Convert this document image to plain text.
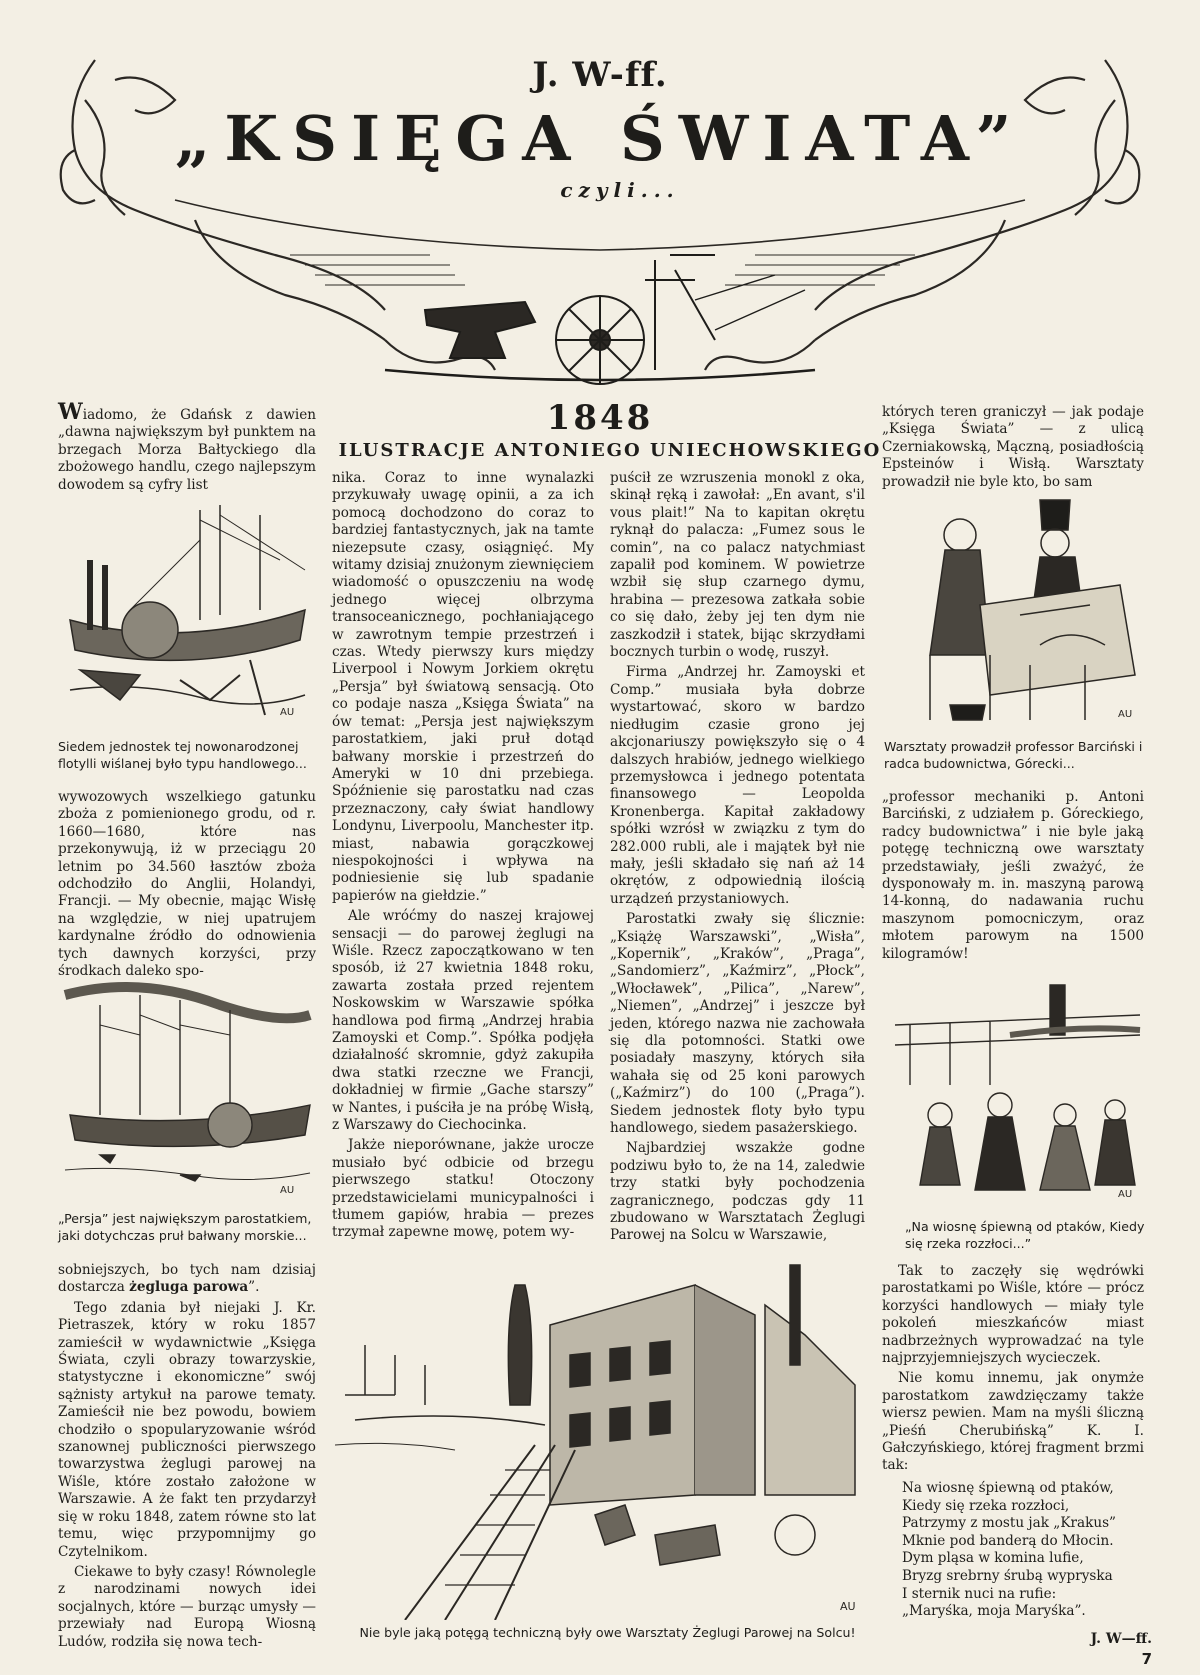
J. W-ff.
„KSIĘGA ŚWIATA”
czyli...
1848
ILUSTRACJE ANTONIEGO UNIECHOWSKIEGO

Wiadomo, że Gdańsk z dawien „dawna największym był punktem na brzegach Morza Bałtyckiego dla zbożowego handlu, czego najlepszym dowodem są cyfry list

AU
Siedem jednostek tej nowonarodzonej flotylli wiślanej było typu handlowego...

wywozowych wszelkiego gatunku zboża z pomienionego grodu, od r. 1660—1680, które nas przekonywują, iż w przeciągu 20 letnim po 34.560 łasztów zboża odchodziło do Anglii, Holandyi, Francji. — My obecnie, mając Wisłę na względzie, w niej upatrujem kardynalne źródło do odnowienia tych dawnych korzyści, przy środkach daleko spo-

AU
„Persja” jest największym parostatkiem, jaki dotychczas pruł bałwany morskie...

sobniejszych, bo tych nam dzisiaj dostarcza żegluga parowa”.

Tego zdania był niejaki J. Kr. Pietraszek, który w roku 1857 zamieścił w wydawnictwie „Księga Świata, czyli obrazy towarzyskie, statystyczne i ekonomiczne” swój sążnisty artykuł na parowe tematy. Zamieścił nie bez powodu, bowiem chodziło o spopularyzowanie wśród szanownej publiczności pierwszego towarzystwa żeglugi parowej na Wiśle, które zostało założone w Warszawie. A że fakt ten przydarzył się w roku 1848, zatem równe sto lat temu, więc przypomnijmy go Czytelnikom.

Ciekawe to były czasy! Równolegle z narodzinami nowych idei socjalnych, które — burząc umysły — przewiały nad Europą Wiosną Ludów, rodziła się nowa tech-

nika. Coraz to inne wynalazki przykuwały uwagę opinii, a za ich pomocą dochodzono do coraz to bardziej fantastycznych, jak na tamte niezepsute czasy, osiągnięć. My witamy dzisiaj znużonym ziewnięciem wiadomość o opuszczeniu na wodę jednego więcej olbrzyma transoceanicznego, pochłaniającego w zawrotnym tempie przestrzeń i czas. Wtedy pierwszy kurs między Liverpool i Nowym Jorkiem okrętu „Persja” był światową sensacją. Oto co podaje nasza „Księga Świata” na ów temat: „Persja jest największym parostatkiem, jaki pruł dotąd bałwany morskie i przestrzeń do Ameryki w 10 dni przebiega. Spóźnienie się parostatku nad czas przeznaczony, cały świat handlowy Londynu, Liverpoolu, Manchester itp. miast, nabawia gorączkowej niespokojności i wpływa na podniesienie się lub spadanie papierów na giełdzie.”

Ale wróćmy do naszej krajowej sensacji — do parowej żeglugi na Wiśle. Rzecz zapoczątkowano w ten sposób, iż 27 kwietnia 1848 roku, zawarta została przed rejentem Noskowskim w Warszawie spółka handlowa pod firmą „Andrzej hrabia Zamoyski et Comp.”. Spółka podjęła działalność skromnie, gdyż zakupiła dwa statki rzeczne we Francji, dokładniej w firmie „Gache starszy” w Nantes, i puściła je na próbę Wisłą, z Warszawy do Ciechocinka.

Jakże nieporównane, jakże urocze musiało być odbicie od brzegu pierwszego statku! Otoczony przedstawicielami municypalności i tłumem gapiów, hrabia — prezes trzymał zapewne mowę, potem wy-

puścił ze wzruszenia monokl z oka, skinął ręką i zawołał: „En avant, s'il vous plait!” Na to kapitan okrętu ryknął do palacza: „Fumez sous le comin”, na co palacz natychmiast zapalił pod kominem. W powietrze wzbił się słup czarnego dymu, hrabina — prezesowa zatkała sobie co się dało, żeby jej ten dym nie zaszkodził i statek, bijąc skrzydłami bocznych turbin o wodę, ruszył.

Firma „Andrzej hr. Zamoyski et Comp.” musiała była dobrze wystartować, skoro w bardzo niedługim czasie grono jej akcjonariuszy powiększyło się o 4 dalszych hrabiów, jednego wielkiego przemysłowca i jednego potentata finansowego — Leopolda Kronenberga. Kapitał zakładowy spółki wzrósł w związku z tym do 282.000 rubli, ale i majątek był nie mały, jeśli składało się nań aż 14 okrętów, z odpowiednią ilością urządzeń przystaniowych.

Parostatki zwały się ślicznie: „Książę Warszawski”, „Wisła”, „Kopernik”, „Kraków”, „Praga”, „Sandomierz”, „Kaźmirz”, „Płock”, „Włocławek”, „Pilica”, „Narew”, „Niemen”, „Andrzej” i jeszcze był jeden, którego nazwa nie zachowała się dla potomności. Statki owe posiadały maszyny, których siła wahała się od 25 koni parowych („Kaźmirz”) do 100 („Praga”). Siedem jednostek floty było typu handlowego, siedem pasażerskiego.

Najbardziej wszakże godne podziwu było to, że na 14, zaledwie trzy statki były pochodzenia zagranicznego, podczas gdy 11 zbudowano w Warsztatach Żeglugi Parowej na Solcu w Warszawie,

których teren graniczył — jak podaje „Księga Świata” — z ulicą Czerniakowską, Mączną, posiadłością Epsteinów i Wisłą. Warsztaty prowadził nie byle kto, bo sam

AU
Warsztaty prowadził professor Barciński i radca budownictwa, Górecki...

„professor mechaniki p. Antoni Barciński, z udziałem p. Góreckiego, radcy budownictwa” i nie byle jaką potęgę techniczną owe warsztaty przedstawiały, jeśli zważyć, że dysponowały m. in. maszyną parową 14-konną, do nadawania ruchu maszynom pomocniczym, oraz młotem parowym na 1500 kilogramów!

AU
„Na wiosnę śpiewną od ptaków, Kiedy się rzeka rozzłoci...”

Tak to zaczęły się wędrówki parostatkami po Wiśle, które — prócz korzyści handlowych — miały tyle pokoleń mieszkańców miast nadbrzeżnych wyprowadzać na tyle najprzyjemniejszych wycieczek.

Nie komu innemu, jak onymże parostatkom zawdzięczamy także wiersz pewien. Mam na myśli śliczną „Pieśń Cherubińską” K. I. Gałczyńskiego, której fragment brzmi tak:

Na wiosnę śpiewną od ptaków,
Kiedy się rzeka rozzłoci,
Patrzymy z mostu jak „Krakus”
Mknie pod banderą do Młocin.
Dym pląsa w komina lufie,
Bryzg srebrny śrubą wypryska
I sternik nuci na rufie:
„Maryśka, moja Maryśka”.
J. W—ff.
AU
Nie byle jaką potęgą techniczną były owe Warsztaty Żeglugi Parowej na Solcu!
7
